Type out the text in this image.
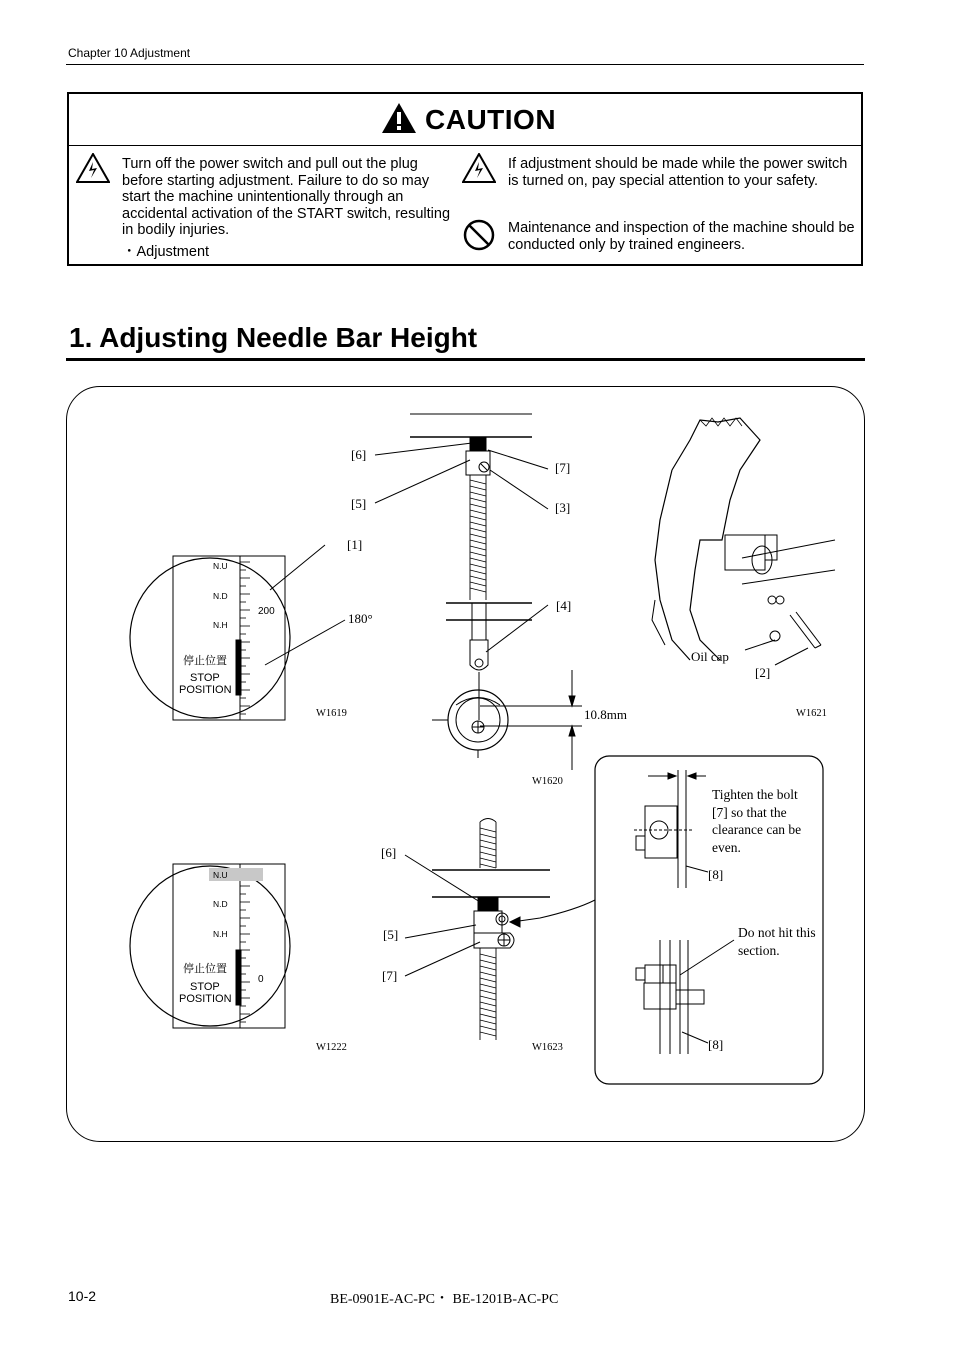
Chapter 10 Adjustment
CAUTION
Turn off the power switch and pull out the plug before starting adjustment. Failure to do so may start the machine unintentionally through an accidental activation of the START switch, resulting in bodily injuries.
・Adjustment
If adjustment should be made while the power switch is turned on, pay special attention to your safety.
Maintenance and inspection of the machine should be conducted only by trained engineers.
1. Adjusting Needle Bar Height
N.U
N.D
N.H
200
停止位置
STOP
POSITION
N.U
N.D
N.H
0
停止位置
STOP
POSITION
[6]
[5]
[7]
[3]
[1]
180°
[4]
Oil cap
[2]
10.8mm
[6]
[5]
[7]
[8]
[8]
Tighten the bolt [7] so that the clearance can be even.
Do not hit this section.
W1619
W1620
W1621
W1222	W1623
10-2	BE-0901E-AC-PC・ BE-1201B-AC-PC
